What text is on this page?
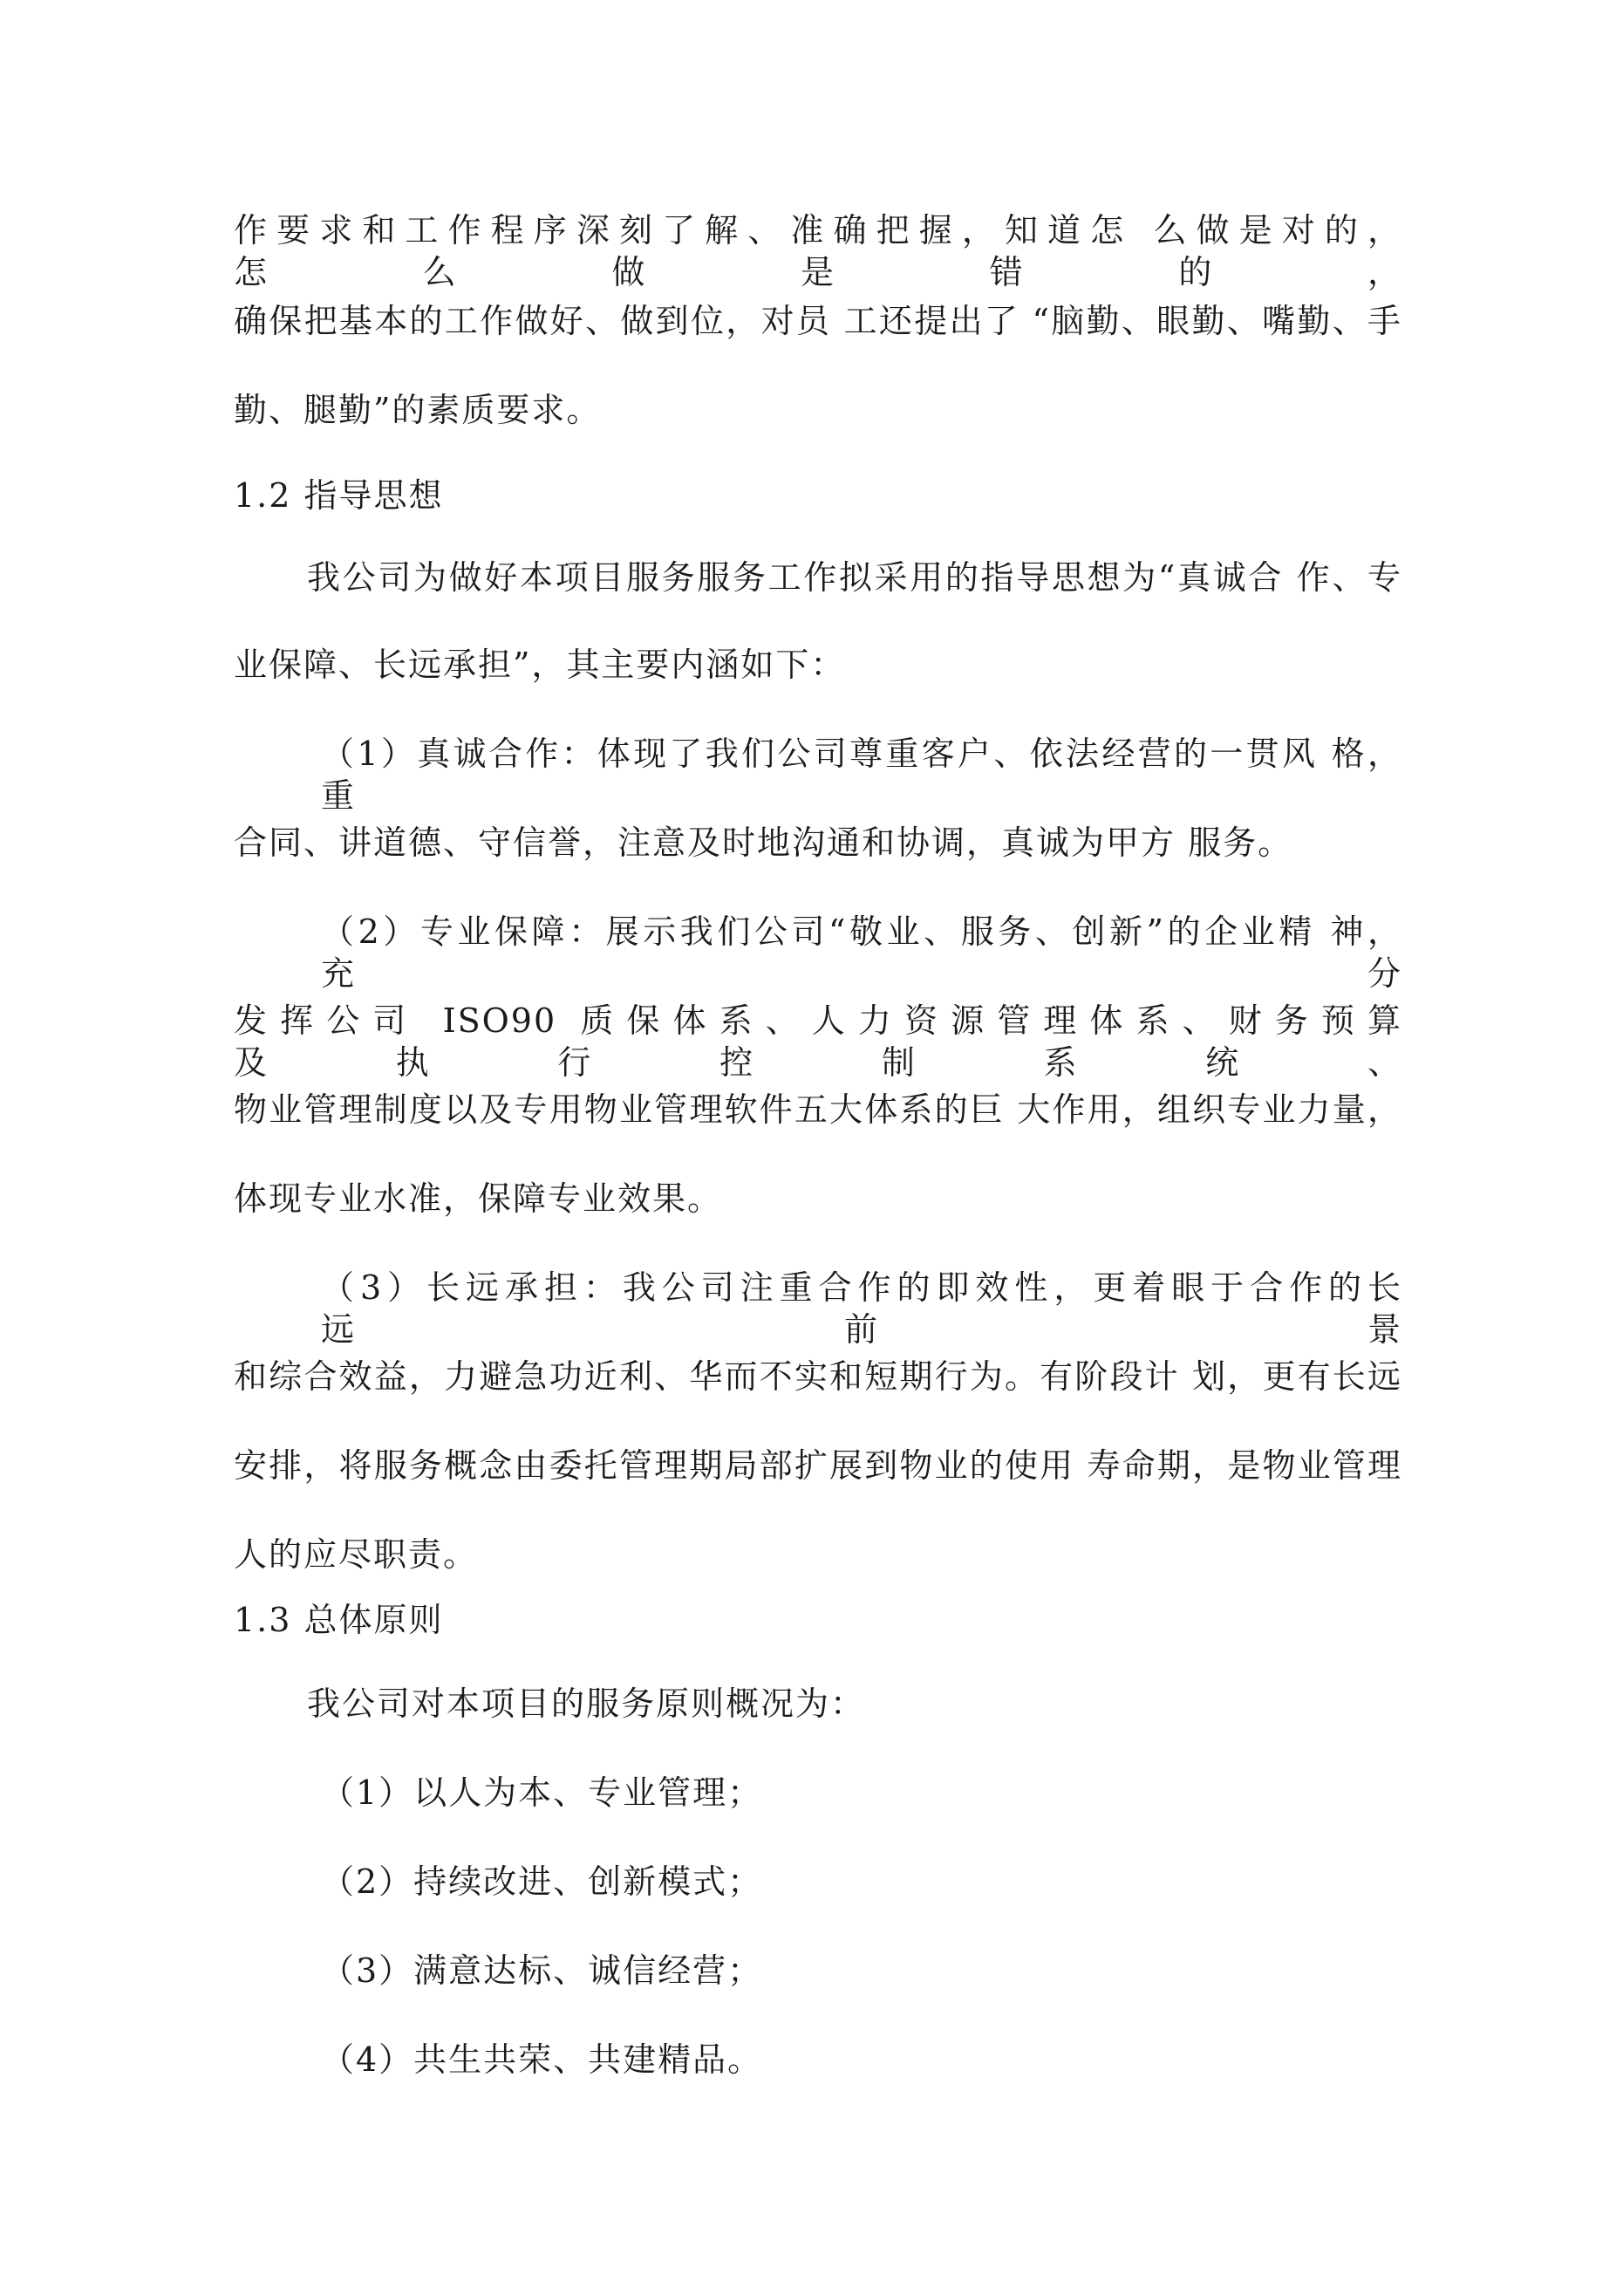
作要求和工作程序深刻了解、准确把握，知道怎 么做是对的，怎么做是错的，
确保把基本的工作做好、做到位，对员 工还提出了 “脑勤、眼勤、嘴勤、手
勤、腿勤”的素质要求。
1.2 指导思想
我公司为做好本项目服务服务工作拟采用的指导思想为“真诚合 作、专
业保障、长远承担”，其主要内涵如下：
（1）真诚合作：体现了我们公司尊重客户、依法经营的一贯风 格，重
合同、讲道德、守信誉，注意及时地沟通和协调，真诚为甲方 服务。
（2）专业保障：展示我们公司“敬业、服务、创新”的企业精 神，充分
发挥公司 ISO90 质保体系、人力资源管理体系、财务预算 及执行控制系统、
物业管理制度以及专用物业管理软件五大体系的巨 大作用，组织专业力量，
体现专业水准，保障专业效果。
（3）长远承担：我公司注重合作的即效性，更着眼于合作的长 远前景
和综合效益，力避急功近利、华而不实和短期行为。有阶段计 划，更有长远
安排，将服务概念由委托管理期局部扩展到物业的使用 寿命期，是物业管理
人的应尽职责。
1.3 总体原则
我公司对本项目的服务原则概况为：
（1）以人为本、专业管理；
（2）持续改进、创新模式；
（3）满意达标、诚信经营；
（4）共生共荣、共建精品。
